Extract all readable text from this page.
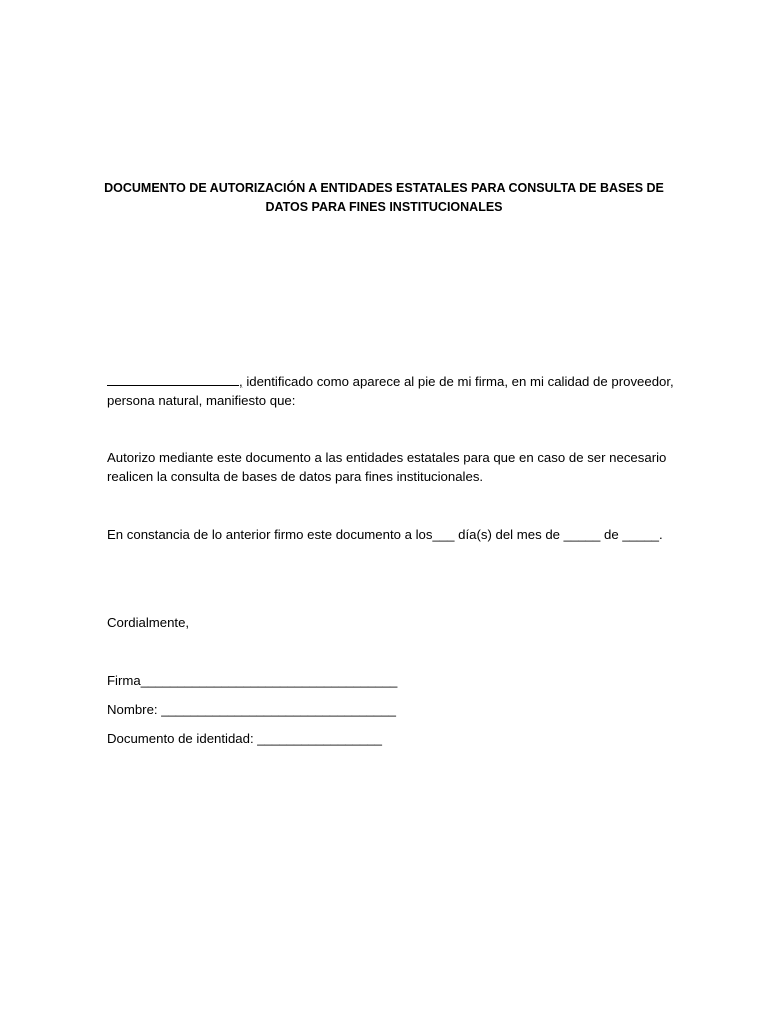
DOCUMENTO DE AUTORIZACIÓN A ENTIDADES ESTATALES PARA CONSULTA DE BASES DE
DATOS PARA FINES INSTITUCIONALES

, identificado como aparece al pie de mi firma, en mi calidad de proveedor,
persona natural, manifiesto que:

Autorizo mediante este documento a las entidades estatales para que en caso de ser necesario
realicen la consulta de bases de datos para fines institucionales.

En constancia de lo anterior firmo este documento a los___ día(s) del mes de _____ de _____.

Cordialmente,

Firma___________________________________

Nombre: ________________________________

Documento de identidad: _________________
